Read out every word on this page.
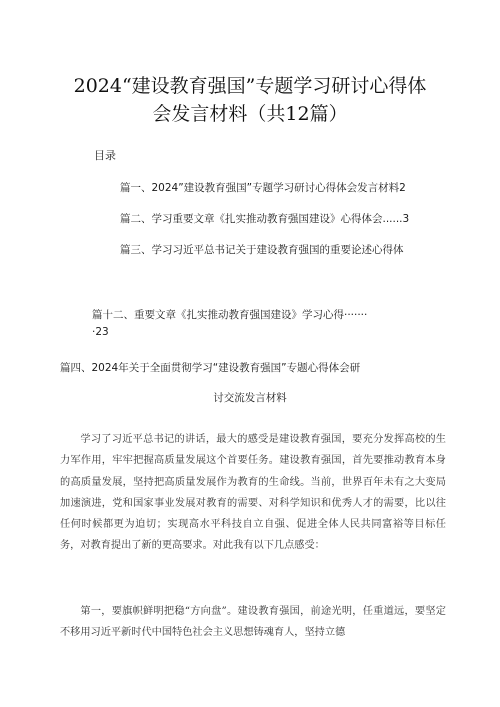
2024“建设教育强国”专题学习研讨心得体
会发言材料（共12篇）
目录
篇一、2024”建设教育强国”专题学习研讨心得体会发言材料2
篇二、学习重要文章《扎实推动教育强国建设》心得体会......3
篇三、学习习近平总书记关于建设教育强国的重要论述心得体
篇十二、重要文章《扎实推动教育强国建设》学习心得·······
·23
篇四、2024年关于全面贯彻学习“建设教育强国”专题心得体会研
讨交流发言材料
学习了习近平总书记的讲话，最大的感受是建设教育强国，要充分发挥高校的生力军作用，牢牢把握高质量发展这个首要任务。建设教育强国，首先要推动教育本身的高质量发展，坚持把高质量发展作为教育的生命线。当前，世界百年未有之大变局加速演进，党和国家事业发展对教育的需要、对科学知识和优秀人才的需要，比以往任何时候都更为迫切；实现高水平科技自立自强、促进全体人民共同富裕等目标任务，对教育提出了新的更高要求。对此我有以下几点感受：
第一，要旗帜鲜明把稳“方向盘”。建设教育强国，前途光明，任重道远，要坚定不移用习近平新时代中国特色社会主义思想铸魂育人，坚持立德
